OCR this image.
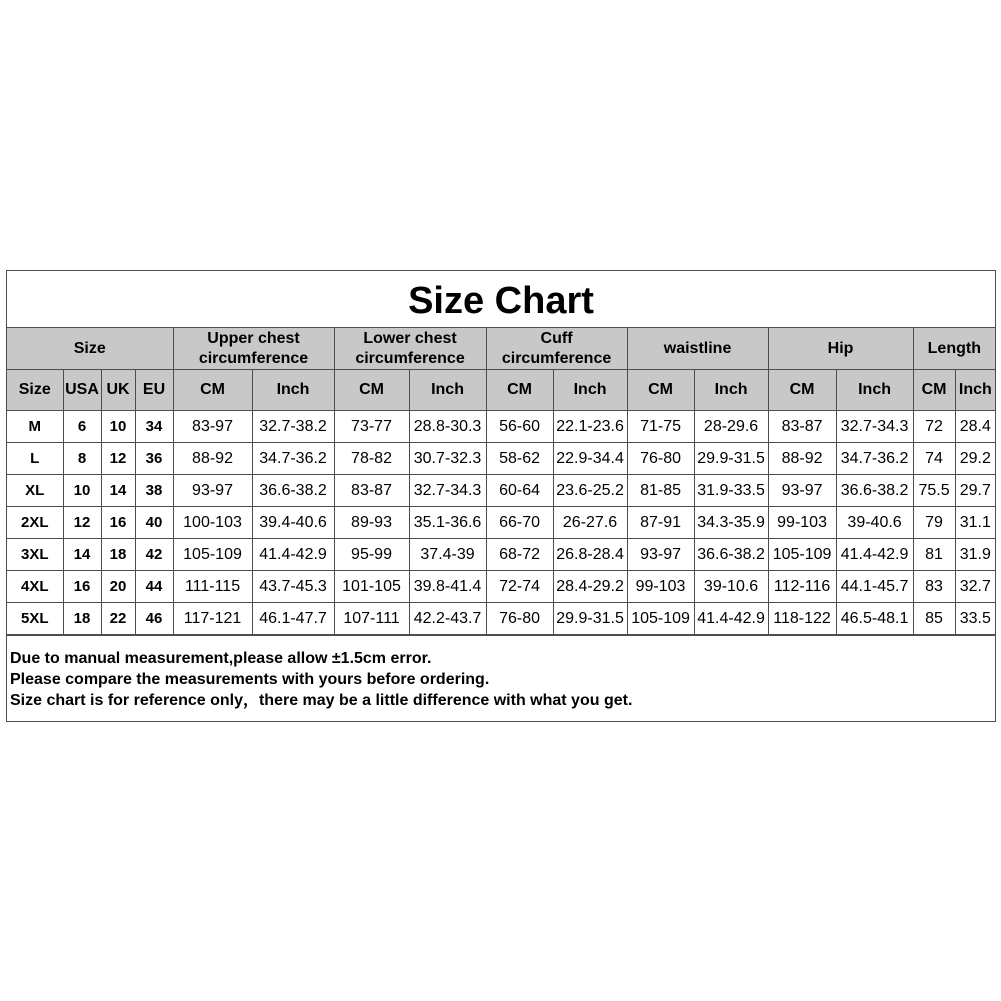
Size Chart
Size				Upper chest circumference		Lower chest circumference		Cuff circumference		waistline		Hip		Length	
Size	USA	UK	EU	CM	Inch	CM	Inch	CM	Inch	CM	Inch	CM	Inch	CM	Inch
M	6	10	34	83-97	32.7-38.2	73-77	28.8-30.3	56-60	22.1-23.6	71-75	28-29.6	83-87	32.7-34.3	72	28.4
L	8	12	36	88-92	34.7-36.2	78-82	30.7-32.3	58-62	22.9-34.4	76-80	29.9-31.5	88-92	34.7-36.2	74	29.2
XL	10	14	38	93-97	36.6-38.2	83-87	32.7-34.3	60-64	23.6-25.2	81-85	31.9-33.5	93-97	36.6-38.2	75.5	29.7
2XL	12	16	40	100-103	39.4-40.6	89-93	35.1-36.6	66-70	26-27.6	87-91	34.3-35.9	99-103	39-40.6	79	31.1
3XL	14	18	42	105-109	41.4-42.9	95-99	37.4-39	68-72	26.8-28.4	93-97	36.6-38.2	105-109	41.4-42.9	81	31.9
4XL	16	20	44	111-115	43.7-45.3	101-105	39.8-41.4	72-74	28.4-29.2	99-103	39-10.6	112-116	44.1-45.7	83	32.7
5XL	18	22	46	117-121	46.1-47.7	107-111	42.2-43.7	76-80	29.9-31.5	105-109	41.4-42.9	118-122	46.5-48.1	85	33.5
Due to manual measurement,please allow ±1.5cm error.
Please compare the measurements with yours before ordering.
Size chart is for reference only，there may be a little difference with what you get.
